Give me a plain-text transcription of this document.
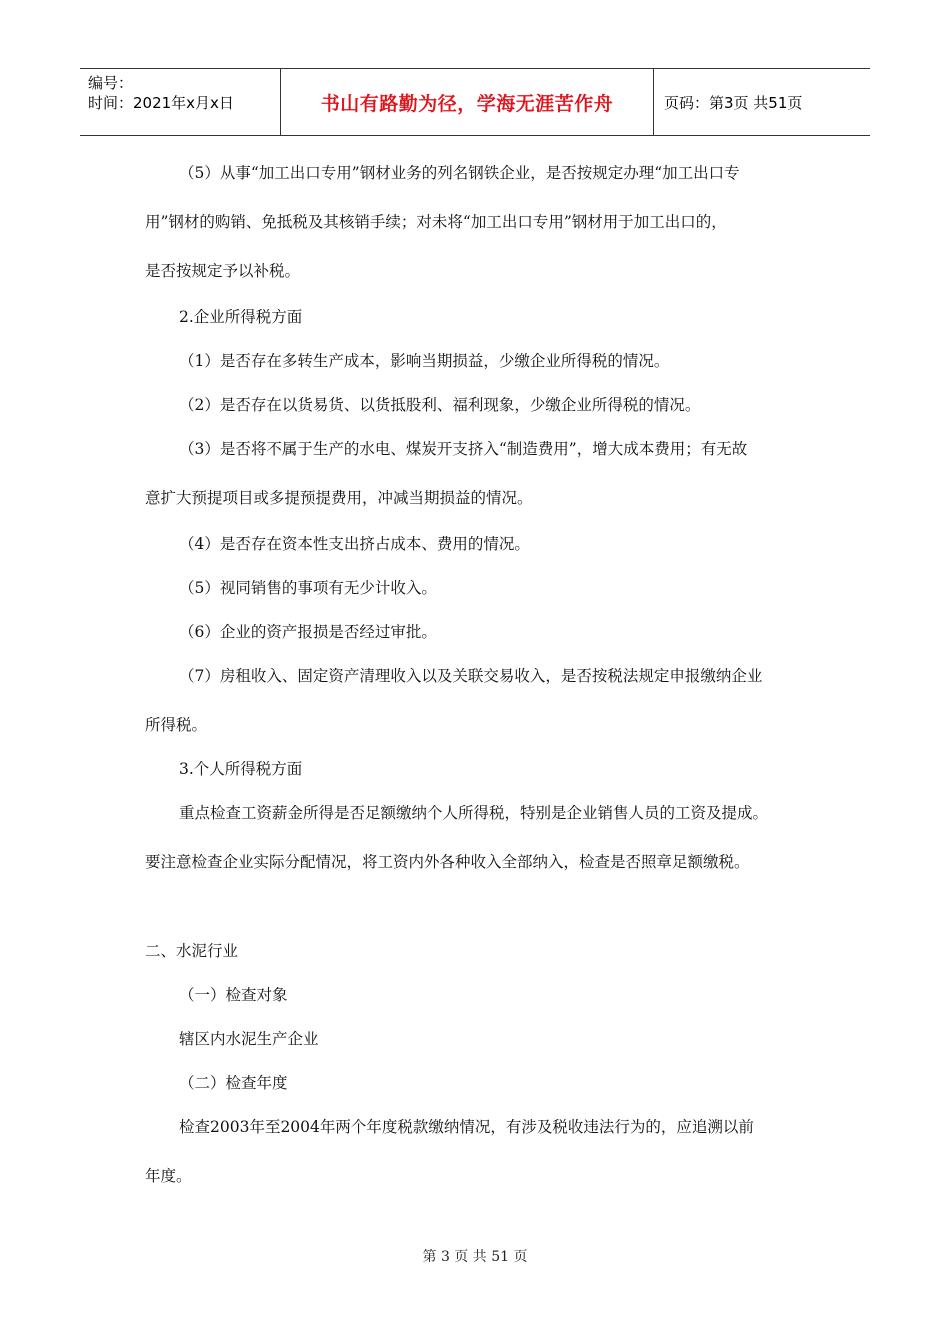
编号：
时间：2021年x月x日	书山有路勤为径，学海无涯苦作舟	页码：第3页 共51页
（5）从事“加工出口专用”钢材业务的列名钢铁企业，是否按规定办理“加工出口专
用”钢材的购销、免抵税及其核销手续；对未将“加工出口专用”钢材用于加工出口的，
是否按规定予以补税。
2.企业所得税方面
（1）是否存在多转生产成本，影响当期损益，少缴企业所得税的情况。
（2）是否存在以货易货、以货抵股利、福利现象，少缴企业所得税的情况。
（3）是否将不属于生产的水电、煤炭开支挤入“制造费用”，增大成本费用；有无故
意扩大预提项目或多提预提费用，冲减当期损益的情况。
（4）是否存在资本性支出挤占成本、费用的情况。
（5）视同销售的事项有无少计收入。
（6）企业的资产报损是否经过审批。
（7）房租收入、固定资产清理收入以及关联交易收入，是否按税法规定申报缴纳企业
所得税。
3.个人所得税方面
重点检查工资薪金所得是否足额缴纳个人所得税，特别是企业销售人员的工资及提成。
要注意检查企业实际分配情况，将工资内外各种收入全部纳入，检查是否照章足额缴税。
二、水泥行业
（一）检查对象
辖区内水泥生产企业
（二）检查年度
检查2003年至2004年两个年度税款缴纳情况，有涉及税收违法行为的，应追溯以前
年度。
第 3 页 共 51 页
